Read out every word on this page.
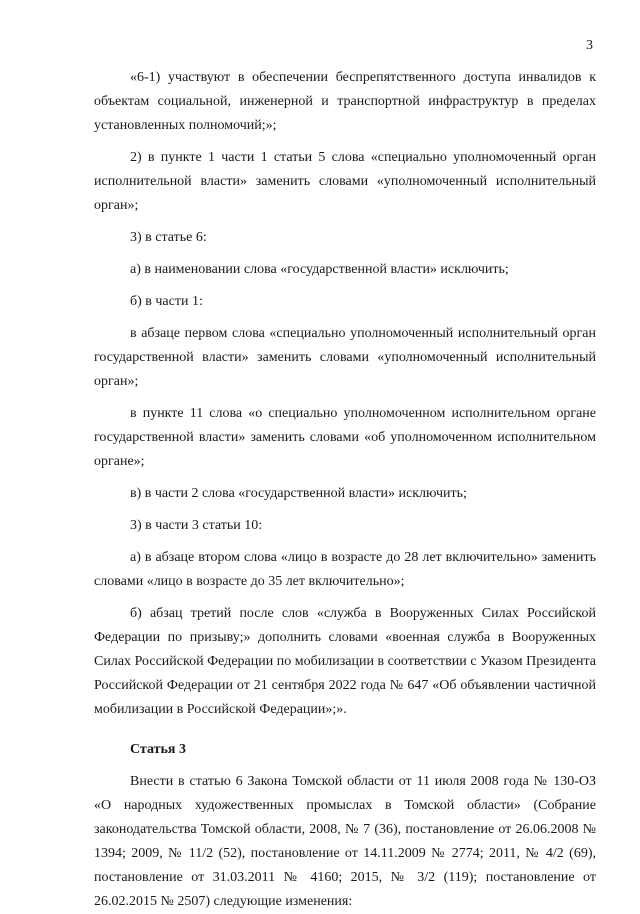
3

«6-1) участвуют в обеспечении беспрепятственного доступа инвалидов к объектам социальной, инженерной и транспортной инфраструктур в пределах установленных полномочий;»;

2) в пункте 1 части 1 статьи 5 слова «специально уполномоченный орган исполнительной власти» заменить словами «уполномоченный исполнительный орган»;

3) в статье 6:

а) в наименовании слова «государственной власти» исключить;

б) в части 1:

в абзаце первом слова «специально уполномоченный исполнительный орган государственной власти» заменить словами «уполномоченный исполнительный орган»;

в пункте 11 слова «о специально уполномоченном исполнительном органе государственной власти» заменить словами «об уполномоченном исполнительном органе»;

в) в части 2 слова «государственной власти» исключить;

3) в части 3 статьи 10:

а) в абзаце втором слова «лицо в возрасте до 28 лет включительно» заменить словами «лицо в возрасте до 35 лет включительно»;

б) абзац третий после слов «служба в Вооруженных Силах Российской Федерации по призыву;» дополнить словами «военная служба в Вооруженных Силах Российской Федерации по мобилизации в соответствии с Указом Президента Российской Федерации от 21 сентября 2022 года № 647 «Об объявлении частичной мобилизации в Российской Федерации»;».

Статья 3

Внести в статью 6 Закона Томской области от 11 июля 2008 года № 130-ОЗ «О народных художественных промыслах в Томской области» (Собрание законодательства Томской области, 2008, № 7 (36), постановление от 26.06.2008 № 1394; 2009, № 11/2 (52), постановление от 14.11.2009 № 2774; 2011, № 4/2 (69), постановление от 31.03.2011 № 4160; 2015, № 3/2 (119); постановление от 26.02.2015 № 2507) следующие изменения:
